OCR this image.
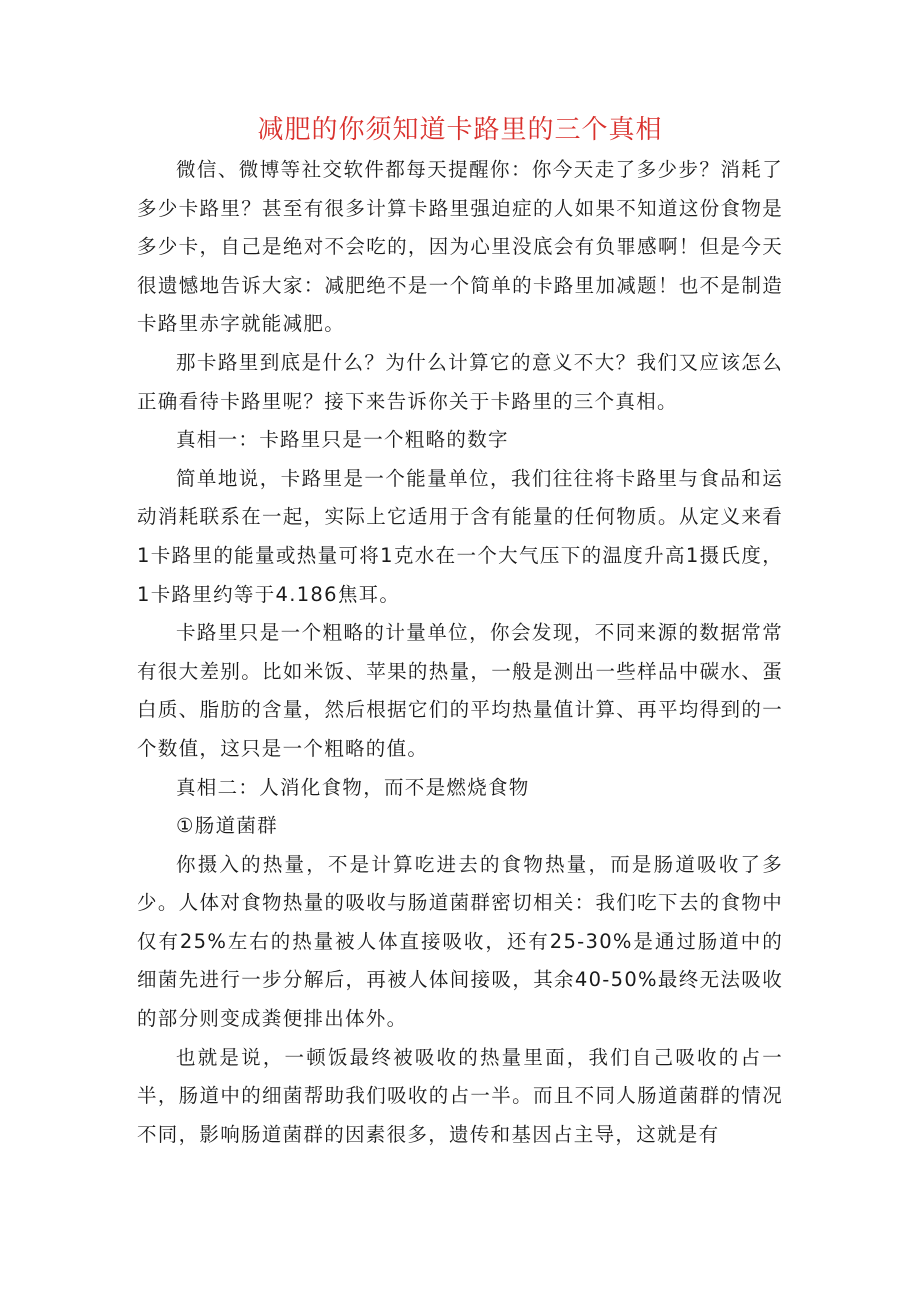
减肥的你须知道卡路里的三个真相

微信、微博等社交软件都每天提醒你：你今天走了多少步？消耗了多少卡路里？甚至有很多计算卡路里强迫症的人如果不知道这份食物是多少卡，自己是绝对不会吃的，因为心里没底会有负罪感啊！但是今天很遗憾地告诉大家：减肥绝不是一个简单的卡路里加减题！也不是制造卡路里赤字就能减肥。

那卡路里到底是什么？为什么计算它的意义不大？我们又应该怎么正确看待卡路里呢？接下来告诉你关于卡路里的三个真相。

真相一：卡路里只是一个粗略的数字

简单地说，卡路里是一个能量单位，我们往往将卡路里与食品和运动消耗联系在一起，实际上它适用于含有能量的任何物质。从定义来看1卡路里的能量或热量可将1克水在一个大气压下的温度升高1摄氏度，1卡路里约等于4.186焦耳。

卡路里只是一个粗略的计量单位，你会发现，不同来源的数据常常有很大差别。比如米饭、苹果的热量，一般是测出一些样品中碳水、蛋白质、脂肪的含量，然后根据它们的平均热量值计算、再平均得到的一个数值，这只是一个粗略的值。

真相二：人消化食物，而不是燃烧食物

①肠道菌群

你摄入的热量，不是计算吃进去的食物热量，而是肠道吸收了多少。人体对食物热量的吸收与肠道菌群密切相关：我们吃下去的食物中仅有25%左右的热量被人体直接吸收，还有25-30%是通过肠道中的细菌先进行一步分解后，再被人体间接吸，其余40-50%最终无法吸收的部分则变成粪便排出体外。

也就是说，一顿饭最终被吸收的热量里面，我们自己吸收的占一半，肠道中的细菌帮助我们吸收的占一半。而且不同人肠道菌群的情况不同，影响肠道菌群的因素很多，遗传和基因占主导，这就是有
